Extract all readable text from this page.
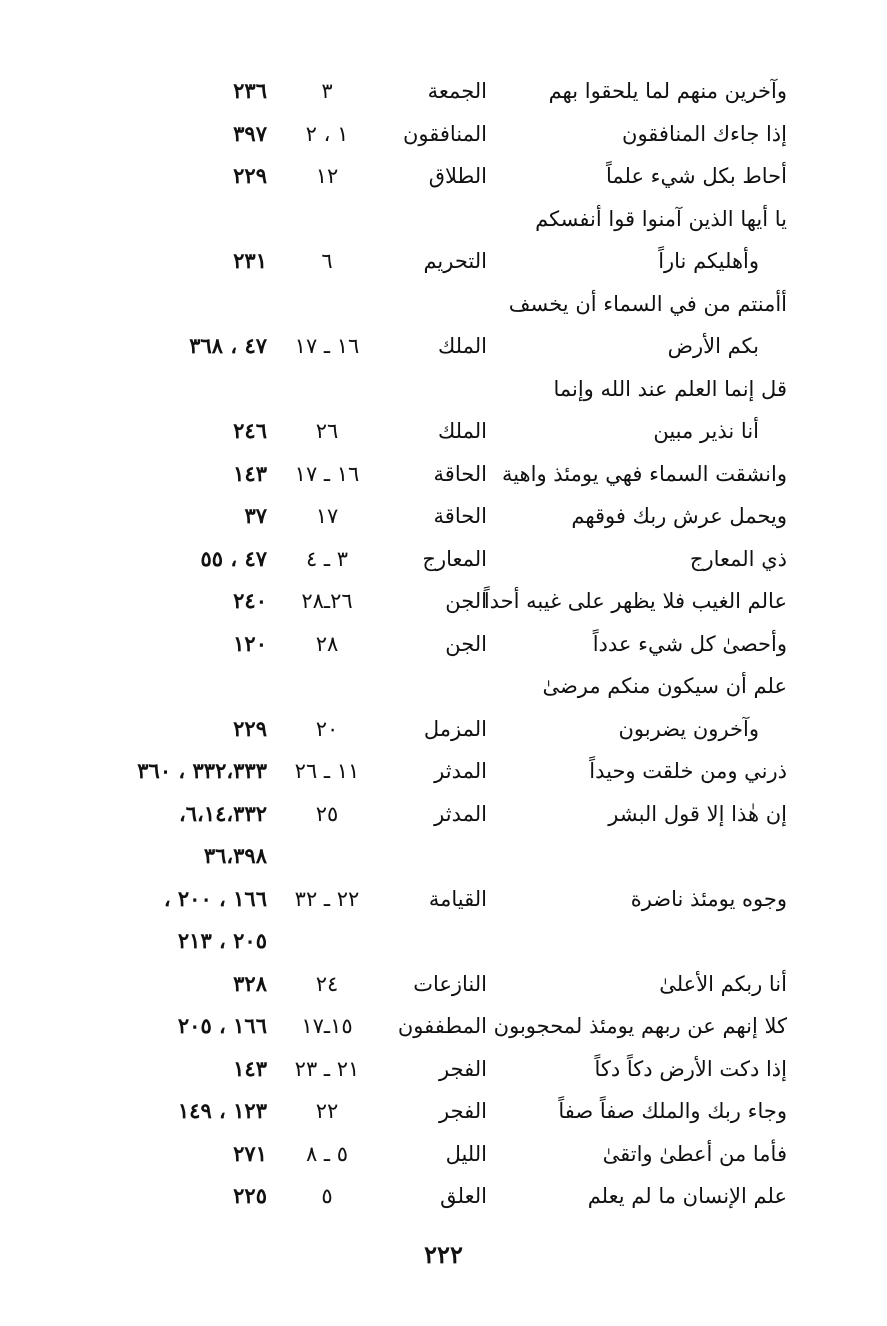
وآخرين منهم لما يلحقوا بهم
الجمعة
٣
٢٣٦
إذا جاءك المنافقون
المنافقون
١ ، ٢
٣٩٧
أحاط بكل شيء علماً
الطلاق
١٢
٢٢٩
يا أيها الذين آمنوا قوا أنفسكم
وأهليكم ناراً
التحريم
٦
٢٣١
أأمنتم من في السماء أن يخسف
بكم الأرض
الملك
١٦ ـ ١٧
٤٧ ، ٣٦٨
قل إنما العلم عند الله وإنما
أنا نذير مبين
الملك
٢٦
٢٤٦
وانشقت السماء فهي يومئذ واهية
الحاقة
١٦ ـ ١٧
١٤٣
ويحمل عرش ربك فوقهم
الحاقة
١٧
٣٧
ذي المعارج
المعارج
٣ ـ ٤
٤٧ ، ٥٥
عالم الغيب فلا يظهر على غيبه أحداً
الجن
٢٦ـ٢٨
٢٤٠
وأحصىٰ كل شيء عدداً
الجن
٢٨
١٢٠
علم أن سيكون منكم مرضىٰ
وآخرون يضربون
المزمل
٢٠
٢٢٩
ذرني ومن خلقت وحيداً
المدثر
١١ ـ ٢٦
٣٣٢،٣٣٣ ، ٣٦٠
إن هٰذا إلا قول البشر
المدثر
٢٥
٦،١٤،٣٣٢،
٣٦،٣٩٨
وجوه يومئذ ناضرة
القيامة
٢٢ ـ ٣٢
١٦٦ ، ٢٠٠ ،
٢٠٥ ، ٢١٣
أنا ربكم الأعلىٰ
النازعات
٢٤
٣٢٨
كلا إنهم عن ربهم يومئذ لمحجوبون
المطففون
١٥ـ١٧
١٦٦ ، ٢٠٥
إذا دكت الأرض دكاً دكاً
الفجر
٢١ ـ ٢٣
١٤٣
وجاء ربك والملك صفاً صفاً
الفجر
٢٢
١٢٣ ، ١٤٩
فأما من أعطىٰ واتقىٰ
الليل
٥ ـ ٨
٢٧١
علم الإنسان ما لم يعلم
العلق
٥
٢٢٥
٢٢٢
